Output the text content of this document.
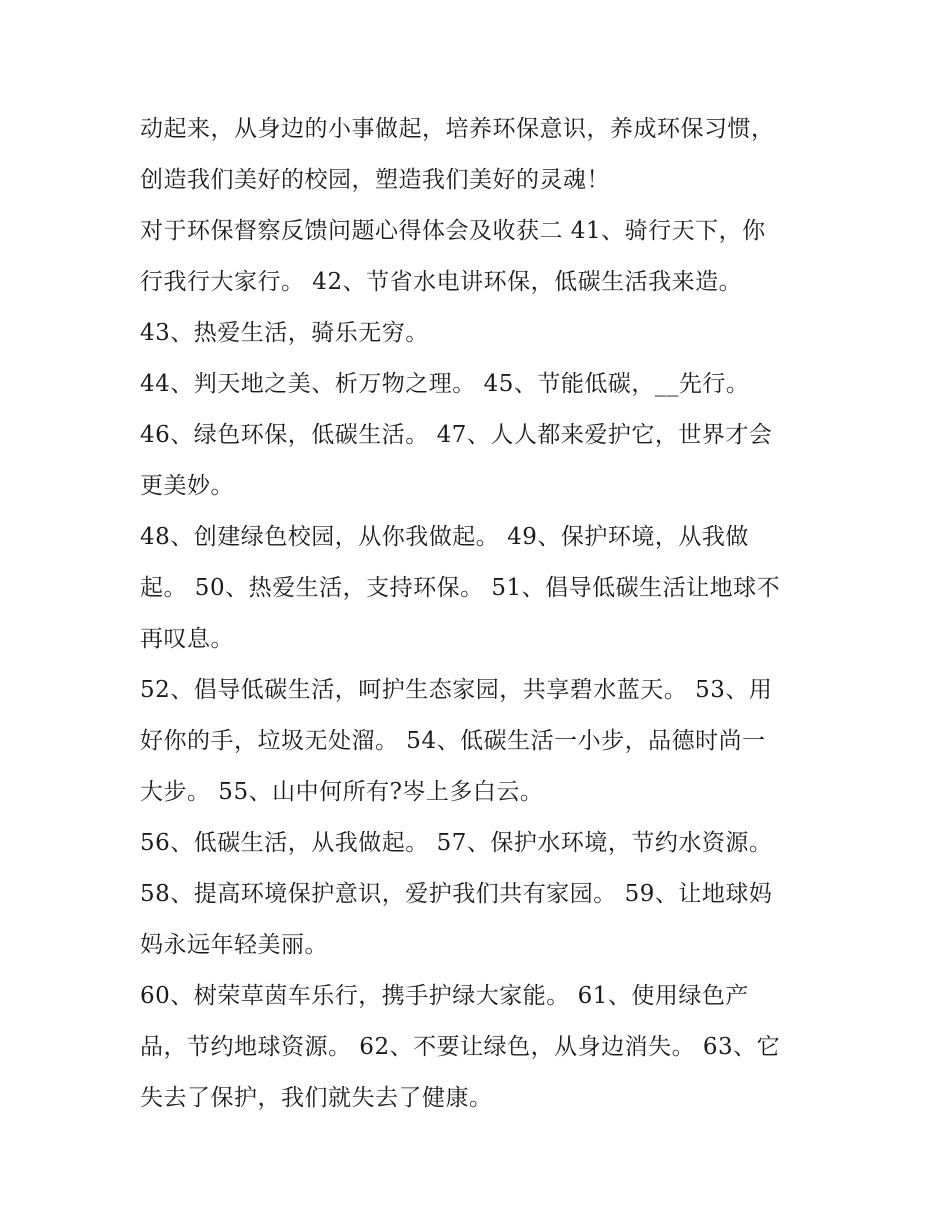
动起来，从身边的小事做起，培养环保意识，养成环保习惯，
创造我们美好的校园，塑造我们美好的灵魂！

对于环保督察反馈问题心得体会及收获二 41、骑行天下，你
行我行大家行。 42、节省水电讲环保，低碳生活我来造。

43、热爱生活，骑乐无穷。

44、判天地之美、析万物之理。 45、节能低碳，__先行。

46、绿色环保，低碳生活。 47、人人都来爱护它，世界才会
更美妙。

48、创建绿色校园，从你我做起。 49、保护环境，从我做
起。 50、热爱生活，支持环保。 51、倡导低碳生活让地球不
再叹息。

52、倡导低碳生活，呵护生态家园，共享碧水蓝天。 53、用
好你的手，垃圾无处溜。 54、低碳生活一小步，品德时尚一
大步。 55、山中何所有?岑上多白云。

56、低碳生活，从我做起。 57、保护水环境，节约水资源。

58、提高环境保护意识，爱护我们共有家园。 59、让地球妈
妈永远年轻美丽。

60、树荣草茵车乐行，携手护绿大家能。 61、使用绿色产
品，节约地球资源。 62、不要让绿色，从身边消失。 63、它
失去了保护，我们就失去了健康。
